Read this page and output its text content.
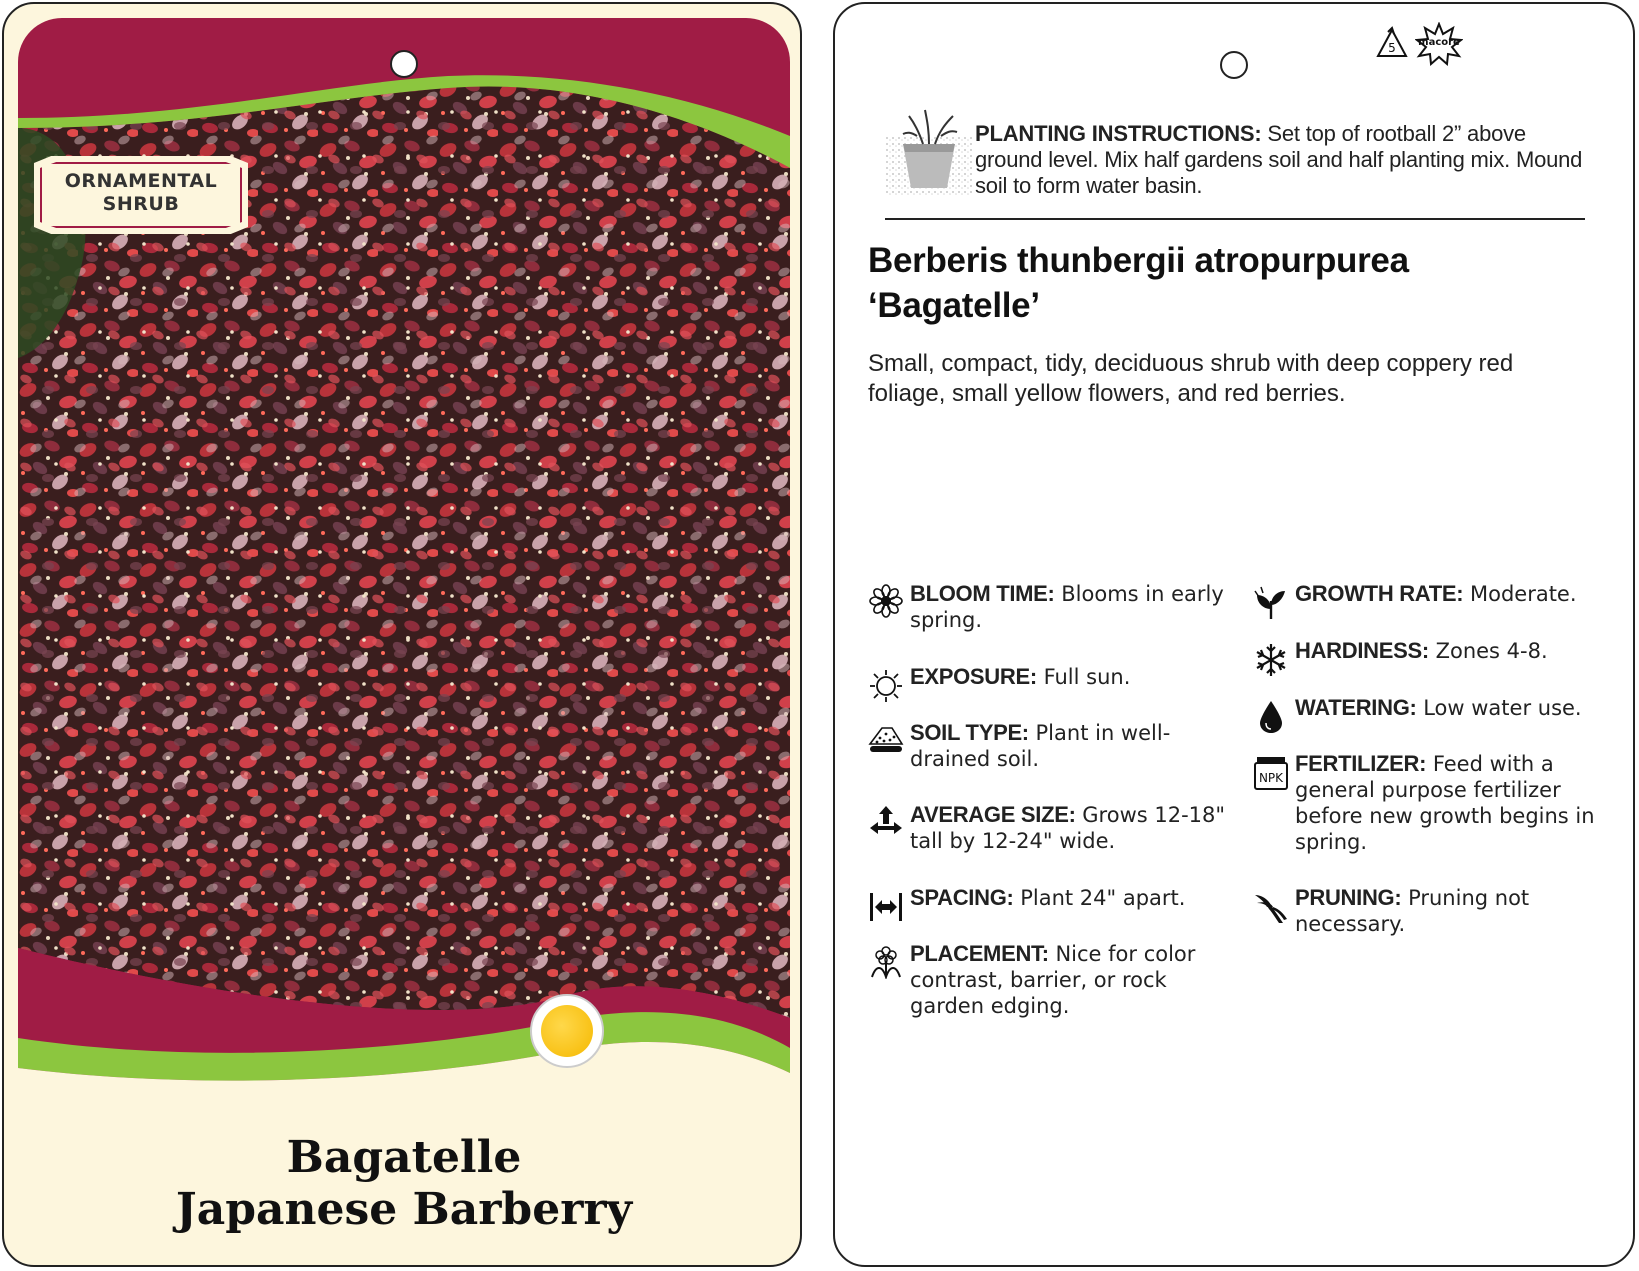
ORNAMENTAL
SHRUB
Bagatelle
Japanese Barberry
5	macore
PLANTING INSTRUCTIONS: Set top of rootball 2” above ground level. Mix half gardens soil and half planting mix. Mound soil to form water basin.
Berberis thunbergii atropurpurea
‘Bagatelle’
Small, compact, tidy, deciduous shrub with deep coppery red foliage, small yellow flowers, and red berries.
BLOOM TIME: Blooms in early spring.
EXPOSURE: Full sun.
SOIL TYPE: Plant in well-drained soil.
AVERAGE SIZE: Grows 12-18" tall by 12-24" wide.
SPACING: Plant 24" apart.
PLACEMENT: Nice for color contrast, barrier, or rock garden edging.
GROWTH RATE: Moderate.
HARDINESS: Zones 4-8.
WATERING: Low water use.
NPK
FERTILIZER: Feed with a general purpose fertilizer before new growth begins in spring.
PRUNING: Pruning not necessary.
